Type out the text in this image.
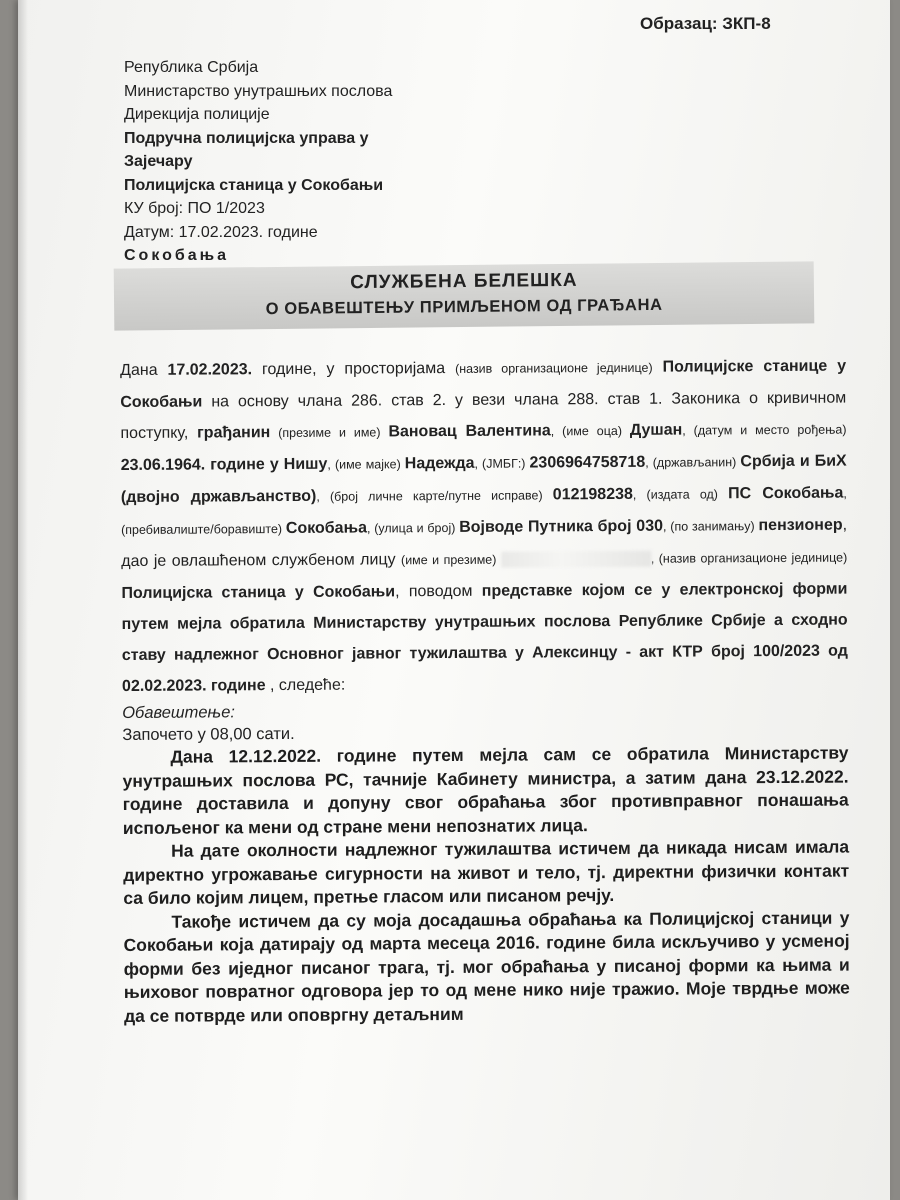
Образац: ЗКП-8
Република Србија
Министарство унутрашњих послова
Дирекција полиције
Подручна полицијска управа у
Зајечару
Полицијска станица у Сокобањи
КУ број: ПО 1/2023
Датум: 17.02.2023. године
Сокобања
СЛУЖБЕНА БЕЛЕШКА
О ОБАВЕШТЕЊУ ПРИМЉЕНОМ ОД ГРАЂАНА

Дана 17.02.2023. године, у просторијама (назив организационе јединице) Полицијске станице у Сокобањи на основу члана 286. став 2. у вези члана 288. став 1. Законика о кривичном поступку, грађанин (презиме и име) Вановац Валентина, (име оца) Душан, (датум и место рођења) 23.06.1964. године у Нишу, (име мајке) Надежда, (ЈМБГ:) 2306964758718, (држављанин) Србија и БиХ (двојно држављанство), (број личне карте/путне исправе) 012198238, (издата од) ПС Сокобања, (пребивалиште/боравиште) Сокобања, (улица и број) Војводе Путника број 030, (по занимању) пензионер, дао је овлашћеном службеном лицу (име и презиме)	, (назив организационе јединице) Полицијска станица у Сокобањи, поводом представке којом се у електронској форми путем мејла обратила Министарству унутрашњих послова Републике Србије а сходно ставу надлежног Основног јавног тужилаштва у Алексинцу - акт КТР број 100/2023 од 02.02.2023. године , следеће:

Обавештење:

Започето у 08,00 сати.

Дана 12.12.2022. године путем мејла сам се обратила Министарству унутрашњих послова РС, тачније Кабинету министра, а затим дана 23.12.2022. године доставила и допуну свог обраћања због противправног понашања испољеног ка мени од стране мени непознатих лица.

На дате околности надлежног тужилаштва истичем да никада нисам имала директно угрожавање сигурности на живот и тело, тј. директни физички контакт са било којим лицем, претње гласом или писаном речју.

Такође истичем да су моја досадашња обраћања ка Полицијској станици у Сокобањи која датирају од марта месеца 2016. године била искључиво у усменој форми без иједног писаног трага, тј. мог обраћања у писаној форми ка њима и њиховог повратног одговора јер то од мене нико није тражио. Моје тврдње може да се потврде или оповргну детаљним
